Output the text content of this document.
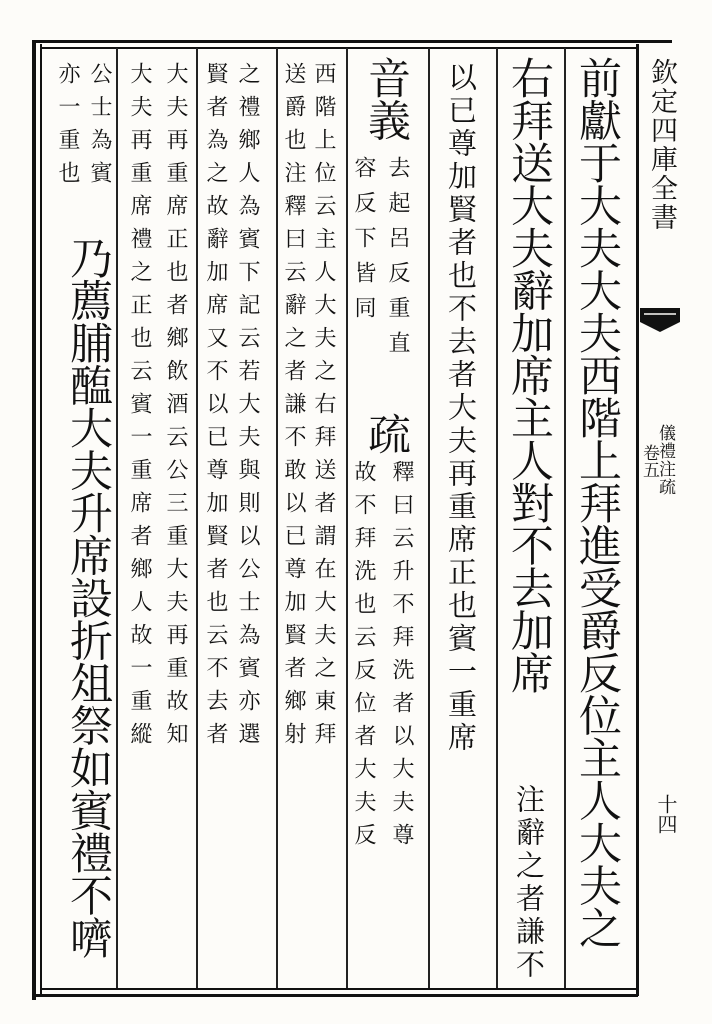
前獻于大夫大夫西階上拜進受爵反位主人大夫之
右拜送大夫辭加席主人對不去加席
注辭之者謙不
以已尊加賢者也不去者大夫再重席正也賓一重席
音義
去起呂反重直
容反下皆同
疏
釋曰云升不拜洗者以大夫尊
故不拜洗也云反位者大夫反
西階上位云主人大夫之右拜送者謂在大夫之東拜
送爵也注釋曰云辭之者謙不敢以已尊加賢者鄉射
之禮鄉人為賓下記云若大夫與則以公士為賓亦選
賢者為之故辭加席又不以已尊加賢者也云不去者
大夫再重席正也者鄉飲酒云公三重大夫再重故知
大夫再重席禮之正也云賓一重席者鄉人故一重縱
公士為賓
亦一重也
乃薦脯醢大夫升席設折俎祭如賓禮不嚌
欽定四庫全書
儀禮注疏
卷五
十四
